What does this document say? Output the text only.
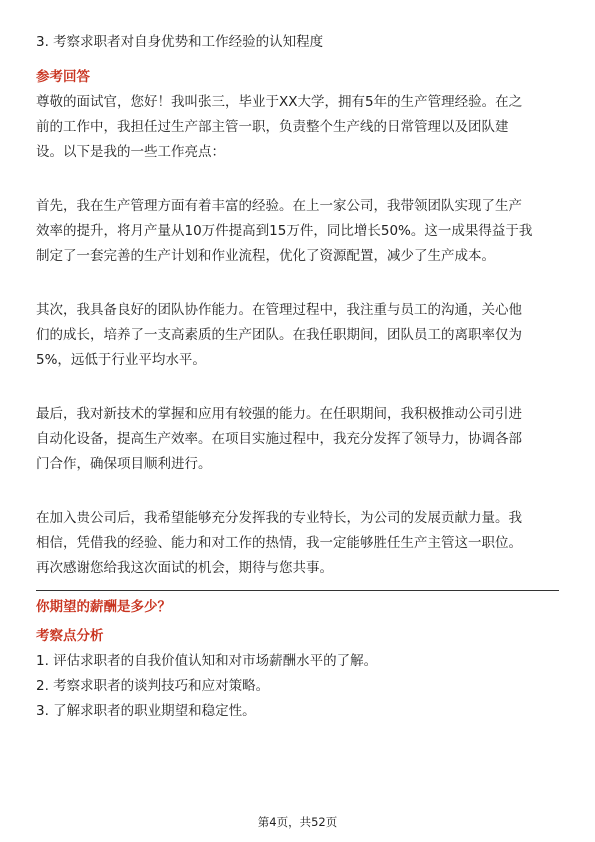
3. 考察求职者对自身优势和工作经验的认知程度

参考回答

尊敬的面试官，您好！我叫张三，毕业于XX大学，拥有5年的生产管理经验。在之

前的工作中，我担任过生产部主管一职，负责整个生产线的日常管理以及团队建

设。以下是我的一些工作亮点：

首先，我在生产管理方面有着丰富的经验。在上一家公司，我带领团队实现了生产

效率的提升，将月产量从10万件提高到15万件，同比增长50%。这一成果得益于我

制定了一套完善的生产计划和作业流程，优化了资源配置，减少了生产成本。

其次，我具备良好的团队协作能力。在管理过程中，我注重与员工的沟通，关心他

们的成长，培养了一支高素质的生产团队。在我任职期间，团队员工的离职率仅为

5%，远低于行业平均水平。

最后，我对新技术的掌握和应用有较强的能力。在任职期间，我积极推动公司引进

自动化设备，提高生产效率。在项目实施过程中，我充分发挥了领导力，协调各部

门合作，确保项目顺利进行。

在加入贵公司后，我希望能够充分发挥我的专业特长，为公司的发展贡献力量。我

相信，凭借我的经验、能力和对工作的热情，我一定能够胜任生产主管这一职位。

再次感谢您给我这次面试的机会，期待与您共事。

你期望的薪酬是多少？

考察点分析

1. 评估求职者的自我价值认知和对市场薪酬水平的了解。

2. 考察求职者的谈判技巧和应对策略。

3. 了解求职者的职业期望和稳定性。

第4页，共52页
